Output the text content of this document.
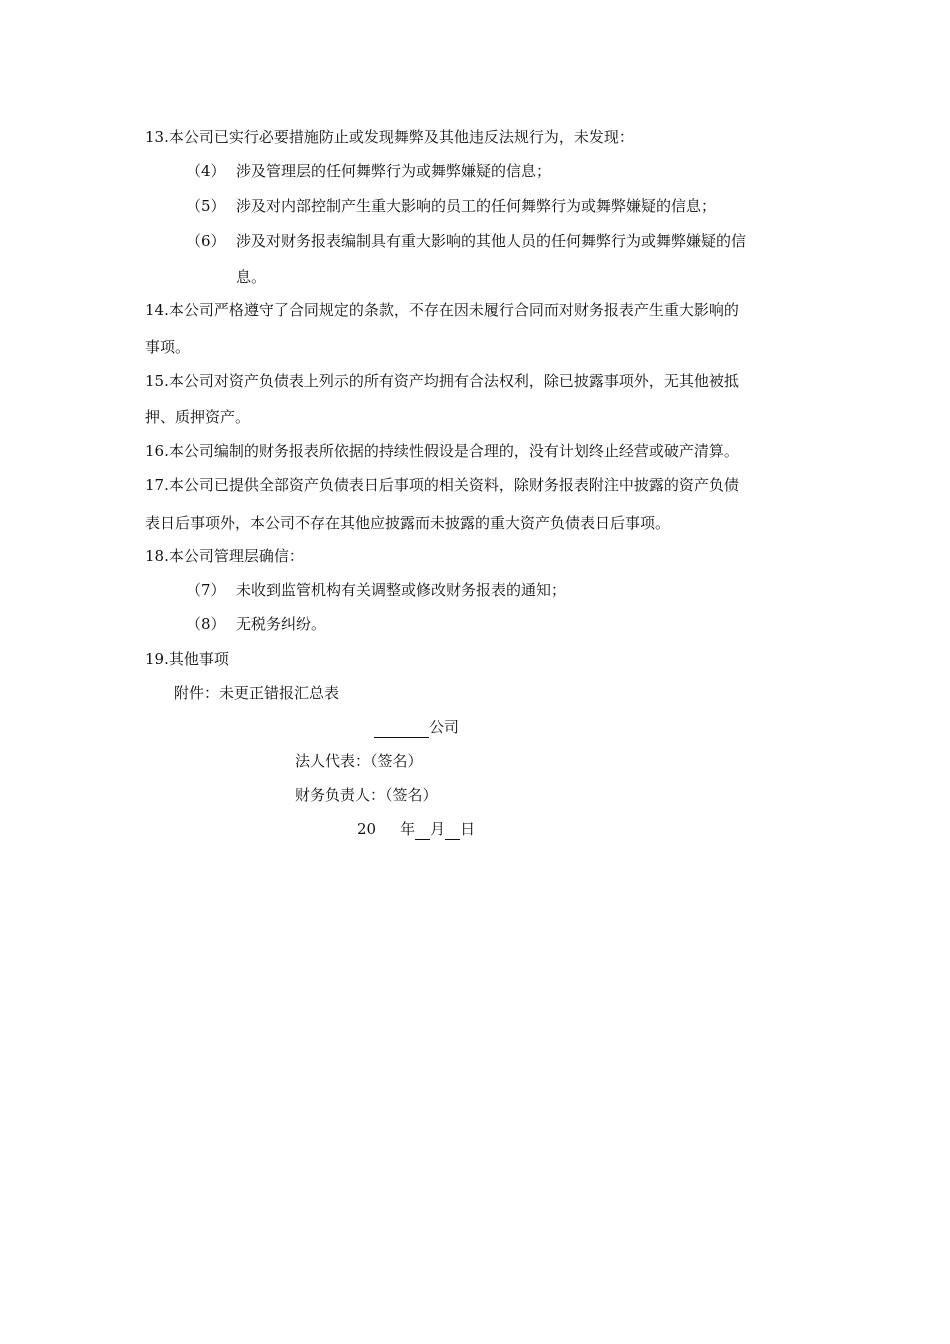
13.本公司已实行必要措施防止或发现舞弊及其他违反法规行为，未发现：
（4） 涉及管理层的任何舞弊行为或舞弊嫌疑的信息；
（5） 涉及对内部控制产生重大影响的员工的任何舞弊行为或舞弊嫌疑的信息；
（6） 涉及对财务报表编制具有重大影响的其他人员的任何舞弊行为或舞弊嫌疑的信
息。
14.本公司严格遵守了合同规定的条款，不存在因未履行合同而对财务报表产生重大影响的
事项。
15.本公司对资产负债表上列示的所有资产均拥有合法权利，除已披露事项外，无其他被抵
押、质押资产。
16.本公司编制的财务报表所依据的持续性假设是合理的，没有计划终止经营或破产清算。
17.本公司已提供全部资产负债表日后事项的相关资料，除财务报表附注中披露的资产负债
表日后事项外，本公司不存在其他应披露而未披露的重大资产负债表日后事项。
18.本公司管理层确信：
（7） 未收到监管机构有关调整或修改财务报表的通知；
（8） 无税务纠纷。
19.其他事项
附件：未更正错报汇总表
公司
法人代表：（签名）
财务负责人：（签名）
20 年 月 日
